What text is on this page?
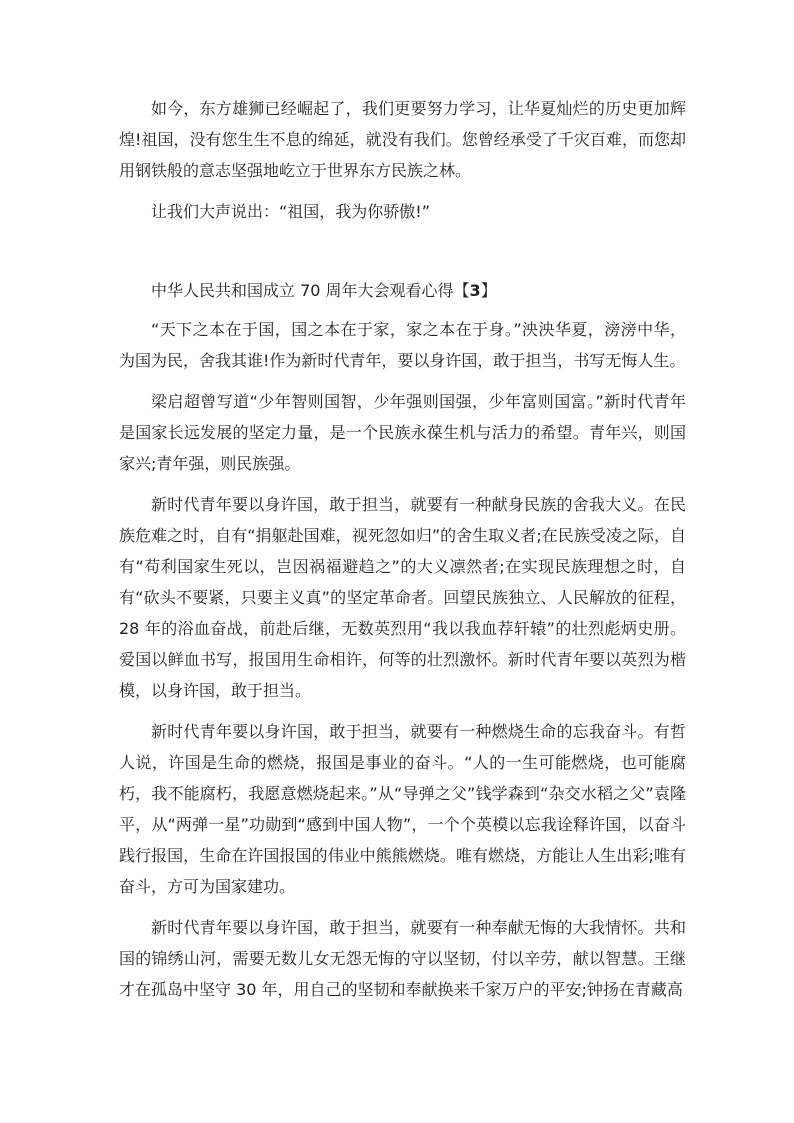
如今，东方雄狮已经崛起了，我们更要努力学习，让华夏灿烂的历史更加辉煌!祖国，没有您生生不息的绵延，就没有我们。您曾经承受了千灾百难，而您却用钢铁般的意志坚强地屹立于世界东方民族之林。

让我们大声说出：“祖国，我为你骄傲!”

中华人民共和国成立 70 周年大会观看心得【3】

“天下之本在于国，国之本在于家，家之本在于身。”泱泱华夏，滂滂中华，为国为民，舍我其谁!作为新时代青年，要以身许国，敢于担当，书写无悔人生。

梁启超曾写道“少年智则国智，少年强则国强，少年富则国富。”新时代青年是国家长远发展的坚定力量，是一个民族永葆生机与活力的希望。青年兴，则国家兴;青年强，则民族强。

新时代青年要以身许国，敢于担当，就要有一种献身民族的舍我大义。在民族危难之时，自有“捐躯赴国难，视死忽如归”的舍生取义者;在民族受凌之际，自有“苟利国家生死以，岂因祸福避趋之”的大义凛然者;在实现民族理想之时，自有“砍头不要紧，只要主义真”的坚定革命者。回望民族独立、人民解放的征程，28 年的浴血奋战，前赴后继，无数英烈用“我以我血荐轩辕”的壮烈彪炳史册。爱国以鲜血书写，报国用生命相许，何等的壮烈激怀。新时代青年要以英烈为楷模，以身许国，敢于担当。

新时代青年要以身许国，敢于担当，就要有一种燃烧生命的忘我奋斗。有哲人说，许国是生命的燃烧，报国是事业的奋斗。“人的一生可能燃烧，也可能腐朽，我不能腐朽，我愿意燃烧起来。”从“导弹之父”钱学森到“杂交水稻之父”袁隆平，从“两弹一星”功勋到“感到中国人物”，一个个英模以忘我诠释许国，以奋斗践行报国，生命在许国报国的伟业中熊熊燃烧。唯有燃烧，方能让人生出彩;唯有奋斗，方可为国家建功。

新时代青年要以身许国，敢于担当，就要有一种奉献无悔的大我情怀。共和国的锦绣山河，需要无数儿女无怨无悔的守以坚韧，付以辛劳，献以智慧。王继才在孤岛中坚守 30 年，用自己的坚韧和奉献换来千家万户的平安;钟扬在青藏高
